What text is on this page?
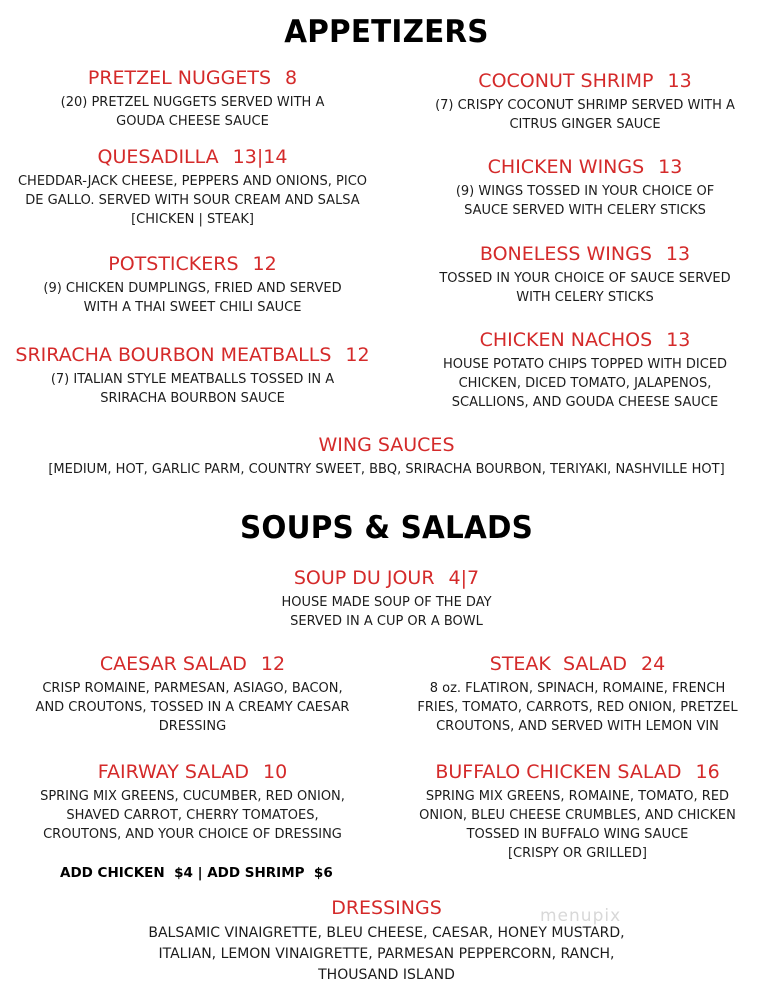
APPETIZERS
PRETZEL NUGGETS 8
(20) PRETZEL NUGGETS SERVED WITH A
GOUDA CHEESE SAUCE
QUESADILLA 13|14
CHEDDAR-JACK CHEESE, PEPPERS AND ONIONS, PICO
DE GALLO. SERVED WITH SOUR CREAM AND SALSA
[CHICKEN | STEAK]
POTSTICKERS 12
(9) CHICKEN DUMPLINGS, FRIED AND SERVED
WITH A THAI SWEET CHILI SAUCE
SRIRACHA BOURBON MEATBALLS 12
(7) ITALIAN STYLE MEATBALLS TOSSED IN A
SRIRACHA BOURBON SAUCE
COCONUT SHRIMP 13
(7) CRISPY COCONUT SHRIMP SERVED WITH A
CITRUS GINGER SAUCE
CHICKEN WINGS 13
(9) WINGS TOSSED IN YOUR CHOICE OF
SAUCE SERVED WITH CELERY STICKS
BONELESS WINGS 13
TOSSED IN YOUR CHOICE OF SAUCE SERVED
WITH CELERY STICKS
CHICKEN NACHOS 13
HOUSE POTATO CHIPS TOPPED WITH DICED
CHICKEN, DICED TOMATO, JALAPENOS,
SCALLIONS, AND GOUDA CHEESE SAUCE
WING SAUCES
[MEDIUM, HOT, GARLIC PARM, COUNTRY SWEET, BBQ, SRIRACHA BOURBON, TERIYAKI, NASHVILLE HOT]
SOUPS & SALADS
SOUP DU JOUR 4|7
HOUSE MADE SOUP OF THE DAY
SERVED IN A CUP OR A BOWL
CAESAR SALAD 12
CRISP ROMAINE, PARMESAN, ASIAGO, BACON,
AND CROUTONS, TOSSED IN A CREAMY CAESAR
DRESSING
STEAK  SALAD 24
8 oz. FLATIRON, SPINACH, ROMAINE, FRENCH
FRIES, TOMATO, CARROTS, RED ONION, PRETZEL
CROUTONS, AND SERVED WITH LEMON VIN
FAIRWAY SALAD 10
SPRING MIX GREENS, CUCUMBER, RED ONION,
SHAVED CARROT, CHERRY TOMATOES,
CROUTONS, AND YOUR CHOICE OF DRESSING
BUFFALO CHICKEN SALAD 16
SPRING MIX GREENS, ROMAINE, TOMATO, RED
ONION, BLEU CHEESE CRUMBLES, AND CHICKEN
TOSSED IN BUFFALO WING SAUCE
[CRISPY OR GRILLED]
ADD CHICKEN  $4 | ADD SHRIMP  $6
menupix
DRESSINGS
BALSAMIC VINAIGRETTE, BLEU CHEESE, CAESAR, HONEY MUSTARD,
ITALIAN, LEMON VINAIGRETTE, PARMESAN PEPPERCORN, RANCH,
THOUSAND ISLAND
